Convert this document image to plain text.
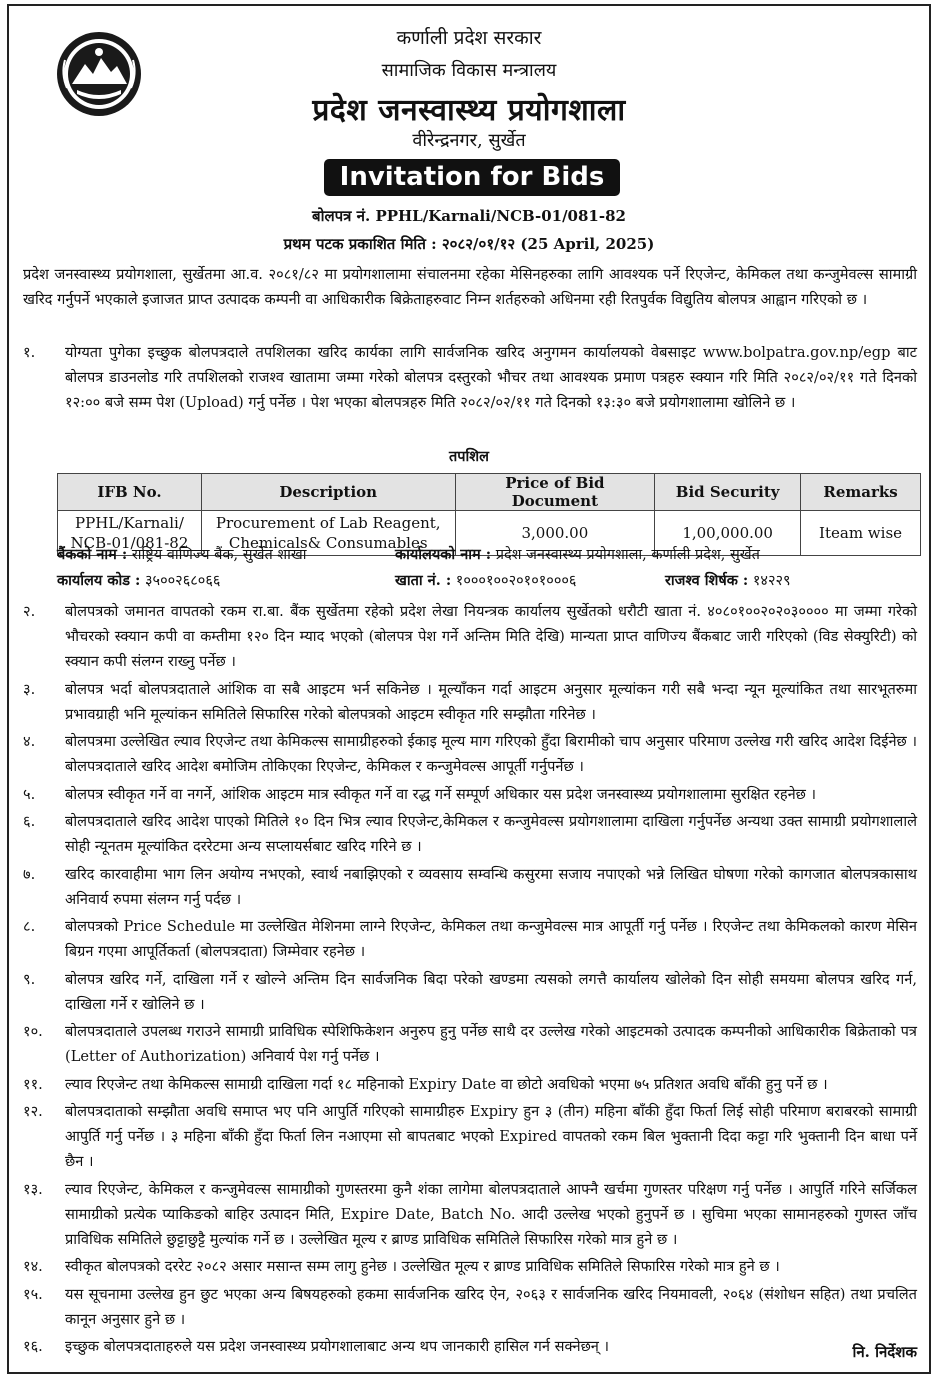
कर्णाली प्रदेश सरकार
सामाजिक विकास मन्त्रालय
प्रदेश जनस्वास्थ्य प्रयोगशाला
वीरेन्द्रनगर, सुर्खेत
Invitation for Bids
बोलपत्र नं. PPHL/Karnali/NCB-01/081-82
प्रथम पटक प्रकाशित मिति : २०८२/०१/१२ (25 April, 2025)
प्रदेश जनस्वास्थ्य प्रयोगशाला, सुर्खेतमा आ.व. २०८१/८२ मा प्रयोगशालामा संचालनमा रहेका मेसिनहरुका लागि आवश्यक पर्ने रिएजेन्ट, केमिकल तथा कन्जुमेवल्स सामाग्री खरिद गर्नुपर्ने भएकाले इजाजत प्राप्त उत्पादक कम्पनी वा आधिकारीक बिक्रेताहरुवाट निम्न शर्तहरुको अधिनमा रही रितपुर्वक विद्युतिय बोलपत्र आह्वान गरिएको छ ।
१.	योग्यता पुगेका इच्छुक बोलपत्रदाले तपशिलका खरिद कार्यका लागि सार्वजनिक खरिद अनुगमन कार्यालयको वेबसाइट www.bolpatra.gov.np/egp बाट बोलपत्र डाउनलोड गरि तपशिलको राजश्व खातामा जम्मा गरेको बोलपत्र दस्तुरको भौचर तथा आवश्यक प्रमाण पत्रहरु स्क्यान गरि मिति २०८२/०२/११ गते दिनको १२:०० बजे सम्म पेश (Upload) गर्नु पर्नेछ । पेश भएका बोलपत्रहरु मिति २०८२/०२/११ गते दिनको १३:३० बजे प्रयोगशालामा खोलिने छ ।
तपशिल
IFB No.	Description	Price of Bid Document	Bid Security	Remarks
PPHL/Karnali/ NCB-01/081-82	Procurement of Lab Reagent, Chemicals& Consumables	3,000.00	1,00,000.00	Iteam wise
बैंकको नाम : राष्ट्रिय वाणिज्य बैंक, सुर्खेत शाखा	कार्यालयको नाम : प्रदेश जनस्वास्थ्य प्रयोगशाला, कर्णाली प्रदेश, सुर्खेत
कार्यालय कोड : ३५००२६८०६६	खाता नं. : १०००१००२०१०१०००६	राजश्व शिर्षक : १४२२९
२.	बोलपत्रको जमानत वापतको रकम रा.बा. बैंक सुर्खेतमा रहेको प्रदेश लेखा नियन्त्रक कार्यालय सुर्खेतको धरौटी खाता नं. ४०८०१००२०२०३०००० मा जम्मा गरेको भौचरको स्क्यान कपी वा कम्तीमा १२० दिन म्याद भएको (बोलपत्र पेश गर्ने अन्तिम मिति देखि) मान्यता प्राप्त वाणिज्य बैंकबाट जारी गरिएको (विड सेक्युरिटी) को स्क्यान कपी संलग्न राख्नु पर्नेछ ।
३.	बोलपत्र भर्दा बोलपत्रदाताले आंशिक वा सबै आइटम भर्न सकिनेछ । मूल्याँकन गर्दा आइटम अनुसार मूल्यांकन गरी सबै भन्दा न्यून मूल्यांकित तथा सारभूतरुमा प्रभावग्राही भनि मूल्यांकन समितिले सिफारिस गरेको बोलपत्रको आइटम स्वीकृत गरि सम्झौता गरिनेछ ।
४.	बोलपत्रमा उल्लेखित ल्याव रिएजेन्ट तथा केमिकल्स सामाग्रीहरुको ईकाइ मूल्य माग गरिएको हुँदा बिरामीको चाप अनुसार परिमाण उल्लेख गरी खरिद आदेश दिईनेछ । बोलपत्रदाताले खरिद आदेश बमोजिम तोकिएका रिएजेन्ट, केमिकल र कन्जुमेवल्स आपूर्ती गर्नुपर्नेछ ।
५.	बोलपत्र स्वीकृत गर्ने वा नगर्ने, आंशिक आइटम मात्र स्वीकृत गर्ने वा रद्ध गर्ने सम्पूर्ण अधिकार यस प्रदेश जनस्वास्थ्य प्रयोगशालामा सुरक्षित रहनेछ ।
६.	बोलपत्रदाताले खरिद आदेश पाएको मितिले १० दिन भित्र ल्याव रिएजेन्ट,केमिकल र कन्जुमेवल्स प्रयोगशालामा दाखिला गर्नुपर्नेछ अन्यथा उक्त सामाग्री प्रयोगशालाले सोही न्यूनतम मूल्यांकित दररेटमा अन्य सप्लायर्सबाट खरिद गरिने छ ।
७.	खरिद कारवाहीमा भाग लिन अयोग्य नभएको, स्वार्थ नबाझिएको र व्यवसाय सम्वन्धि कसुरमा सजाय नपाएको भन्ने लिखित घोषणा गरेको कागजात बोलपत्रकासाथ अनिवार्य रुपमा संलग्न गर्नु पर्दछ ।
८.	बोलपत्रको Price Schedule मा उल्लेखित मेशिनमा लाग्ने रिएजेन्ट, केमिकल तथा कन्जुमेवल्स मात्र आपूर्ती गर्नु पर्नेछ । रिएजेन्ट तथा केमिकलको कारण मेसिन बिग्रन गएमा आपूर्तिकर्ता (बोलपत्रदाता) जिम्मेवार रहनेछ ।
९.	बोलपत्र खरिद गर्ने, दाखिला गर्ने र खोल्ने अन्तिम दिन सार्वजनिक बिदा परेको खण्डमा त्यसको लगत्तै कार्यालय खोलेको दिन सोही समयमा बोलपत्र खरिद गर्न, दाखिला गर्ने र खोलिने छ ।
१०.	बोलपत्रदाताले उपलब्ध गराउने सामाग्री प्राविधिक स्पेशिफिकेशन अनुरुप हुनु पर्नेछ साथै दर उल्लेख गरेको आइटमको उत्पादक कम्पनीको आधिकारीक बिक्रेताको पत्र (Letter of Authorization) अनिवार्य पेश गर्नु पर्नेछ ।
११.	ल्याव रिएजेन्ट तथा केमिकल्स सामाग्री दाखिला गर्दा १८ महिनाको Expiry Date वा छोटो अवधिको भएमा ७५ प्रतिशत अवधि बाँकी हुनु पर्ने छ ।
१२.	बोलपत्रदाताको सम्झौता अवधि समाप्त भए पनि आपुर्ति गरिएको सामाग्रीहरु Expiry हुन ३ (तीन) महिना बाँकी हुँदा फिर्ता लिई सोही परिमाण बराबरको सामाग्री आपुर्ति गर्नु पर्नेछ । ३ महिना बाँकी हुँदा फिर्ता लिन नआएमा सो बापतबाट भएको Expired वापतको रकम बिल भुक्तानी दिदा कट्टा गरि भुक्तानी दिन बाधा पर्ने छैन ।
१३.	ल्याव रिएजेन्ट, केमिकल र कन्जुमेवल्स सामाग्रीको गुणस्तरमा कुनै शंका लागेमा बोलपत्रदाताले आफ्नै खर्चमा गुणस्तर परिक्षण गर्नु पर्नेछ । आपुर्ति गरिने सर्जिकल सामाग्रीको प्रत्येक प्याकिङको बाहिर उत्पादन मिति, Expire Date, Batch No. आदी उल्लेख भएको हुनुपर्ने छ । सुचिमा भएका सामानहरुको गुणस्त जाँच प्राविधिक समितिले छुट्टाछुट्टै मुल्यांक गर्ने छ । उल्लेखित मूल्य र ब्राण्ड प्राविधिक समितिले सिफारिस गरेको मात्र हुने छ ।
१४.	स्वीकृत बोलपत्रको दररेट २०८२ असार मसान्त सम्म लागु हुनेछ । उल्लेखित मूल्य र ब्राण्ड प्राविधिक समितिले सिफारिस गरेको मात्र हुने छ ।
१५.	यस सूचनामा उल्लेख हुन छुट भएका अन्य बिषयहरुको हकमा सार्वजनिक खरिद ऐन, २०६३ र सार्वजनिक खरिद नियमावली, २०६४ (संशोधन सहित) तथा प्रचलित कानून अनुसार हुने छ ।
१६.	इच्छुक बोलपत्रदाताहरुले यस प्रदेश जनस्वास्थ्य प्रयोगशालाबाट अन्य थप जानकारी हासिल गर्न सक्नेछन् ।	नि. निर्देशक
